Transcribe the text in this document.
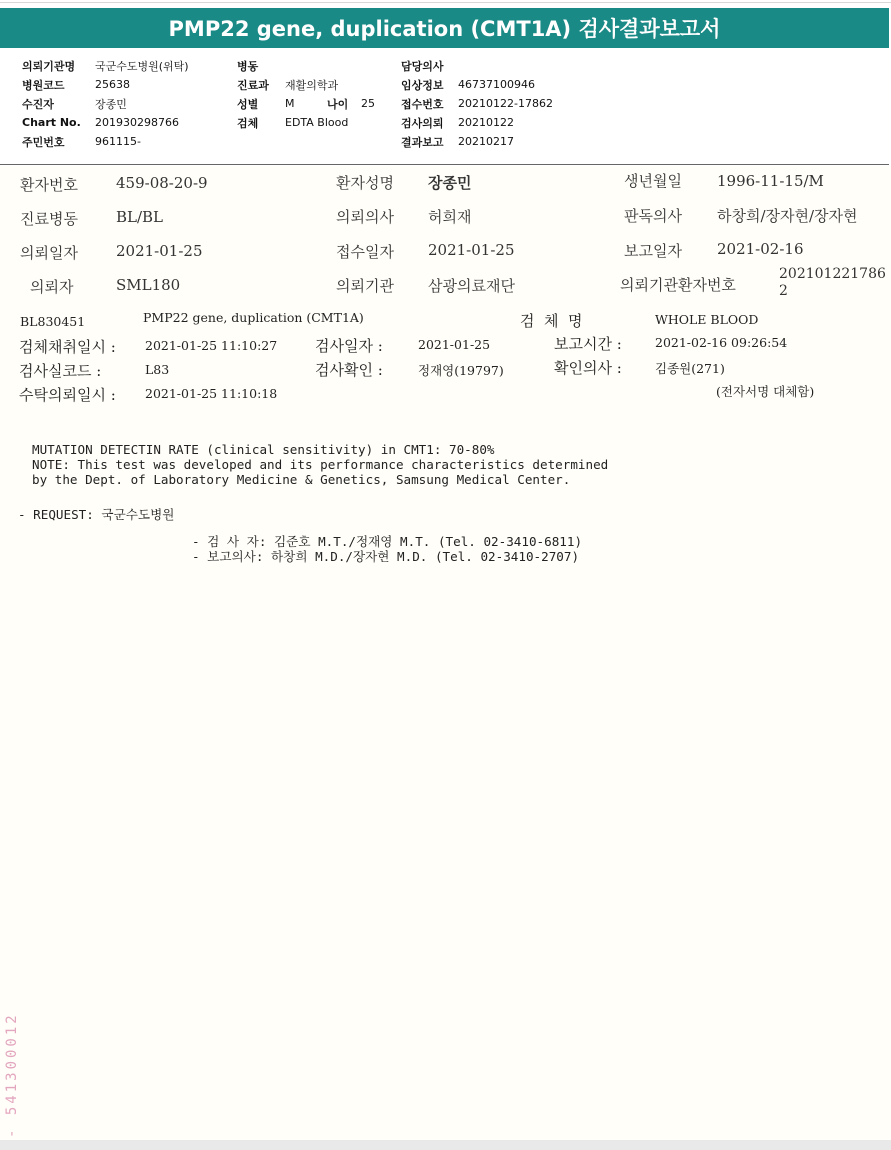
PMP22 gene, duplication (CMT1A) 검사결과보고서
의뢰기관명	국군수도병원(위탁)
병원코드	25638
수진자	장종민
Chart No.	201930298766
주민번호	961115-
병동
진료과	재활의학과
성별	M	나이	25
검체	EDTA Blood
담당의사
임상정보	46737100946
접수번호	20210122-17862
검사의뢰	20210122
결과보고	20210217
환자번호	459-08-20-9	환자성명 장종민	생년월일 1996-11-15/M
진료병동	BL/BL	의뢰의사 허희재	판독의사 하창희/장자현/장자현
의뢰일자	2021-01-25	접수일자 2021-01-25	보고일자 2021-02-16
의뢰자	SML180	의뢰기관 삼광의료재단	의뢰기관환자번호
202101221786
2
BL830451	PMP22 gene, duplication (CMT1A)	검  체  명	WHOLE BLOOD
검체채취일시 : 2021-01-25 11:10:27	검사일자 :	2021-01-25	보고시간 :	2021-02-16 09:26:54
검사실코드 :	L83	검사확인 :	정재영(19797)	확인의사 :	김종원(271)
수탁의뢰일시 : 2021-01-25 11:10:18	(전자서명 대체함)
MUTATION DETECTIN RATE (clinical sensitivity) in CMT1: 70-80%
NOTE: This test was developed and its performance characteristics determined
by the Dept. of Laboratory Medicine & Genetics, Samsung Medical Center.
- REQUEST: 국군수도병원
- 검 사 자: 김준호 M.T./정재영 M.T. (Tel. 02-3410-6811)
- 보고의사: 하창희 M.D./장자현 M.D. (Tel. 02-3410-2707)
- 541300012
